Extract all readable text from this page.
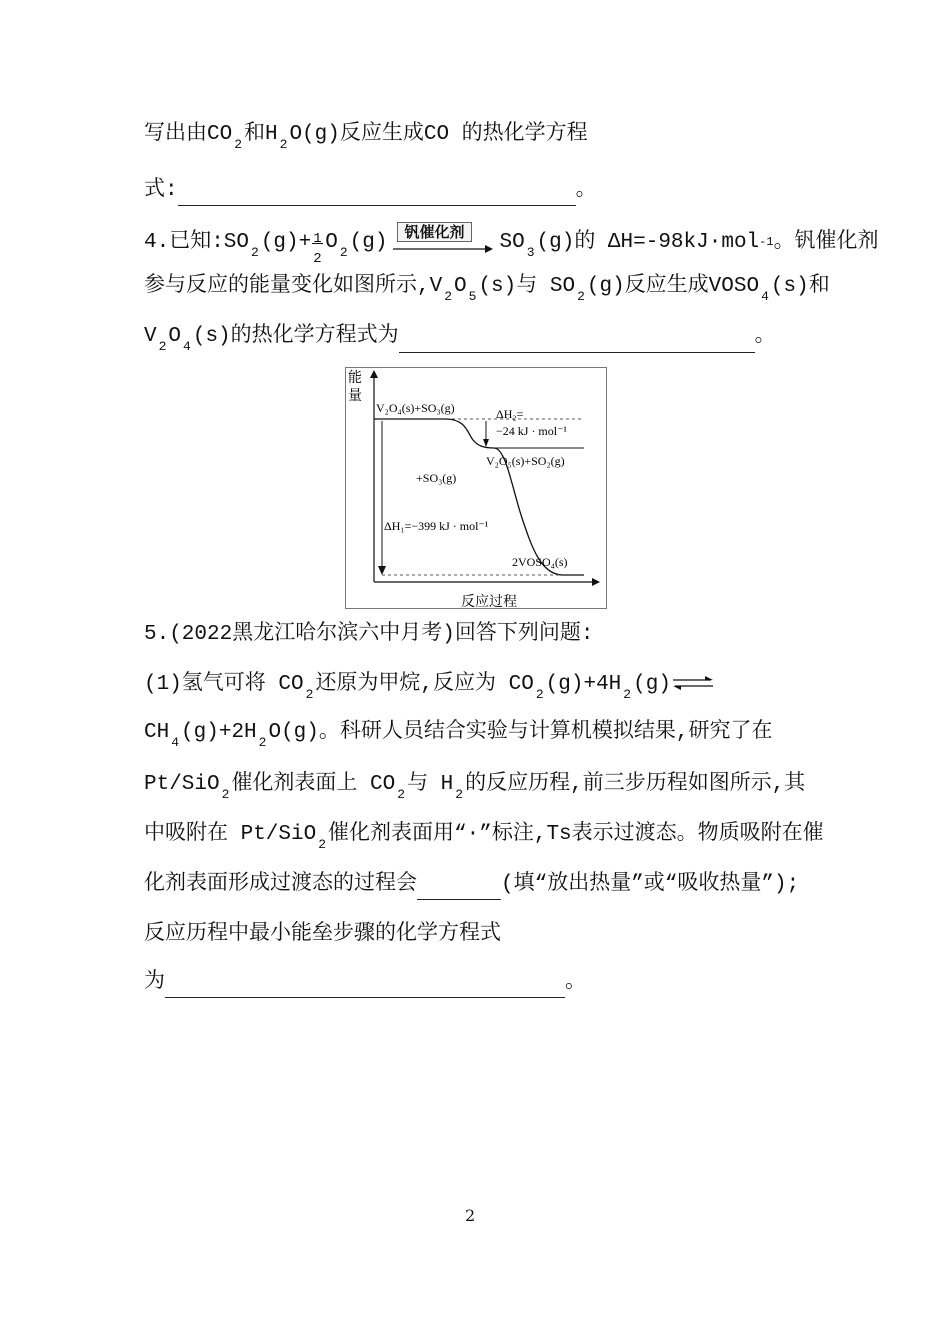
写出由CO $_2$和H $_2$O(g)反应生成CO 的热化学方程
式:	。
4.已知:SO $_2$(g)+ 1
2
O $_2$(g)	钒催化剂	SO $_3$(g)的 ΔH=-98kJ·mol-1。钒催化剂
参与反应的能量变化如图所示,V $_2$O $_5$(s)与 SO $_2$(g)反应生成VOSO $_4$(s)和
V $_2$O $_4$(s)的热化学方程式为	。
能
量
反应过程
V₂O₄(s)+SO₃(g)	ΔH₂=
−24 kJ · mol⁻¹
V₂O₅(s)+SO₂(g)
+SO₃(g)
ΔH₁=−399 kJ · mol⁻¹
2VOSO₄(s)
5.(2022黑龙江哈尔滨六中月考)回答下列问题:
(1)氢气可将 CO $_2$还原为甲烷,反应为 CO $_2$(g)+4H $_2$(g) ⇌
CH $_4$(g)+2H $_2$O(g)。科研人员结合实验与计算机模拟结果,研究了在
Pt/SiO $_2$催化剂表面上 CO $_2$与 H $_2$的反应历程,前三步历程如图所示,其
中吸附在 Pt/SiO $_2$催化剂表面用“·”标注,Ts表示过渡态。物质吸附在催
化剂表面形成过渡态的过程会	(填“放出热量”或“吸收热量”);
反应历程中最小能垒步骤的化学方程式
为	。
2
